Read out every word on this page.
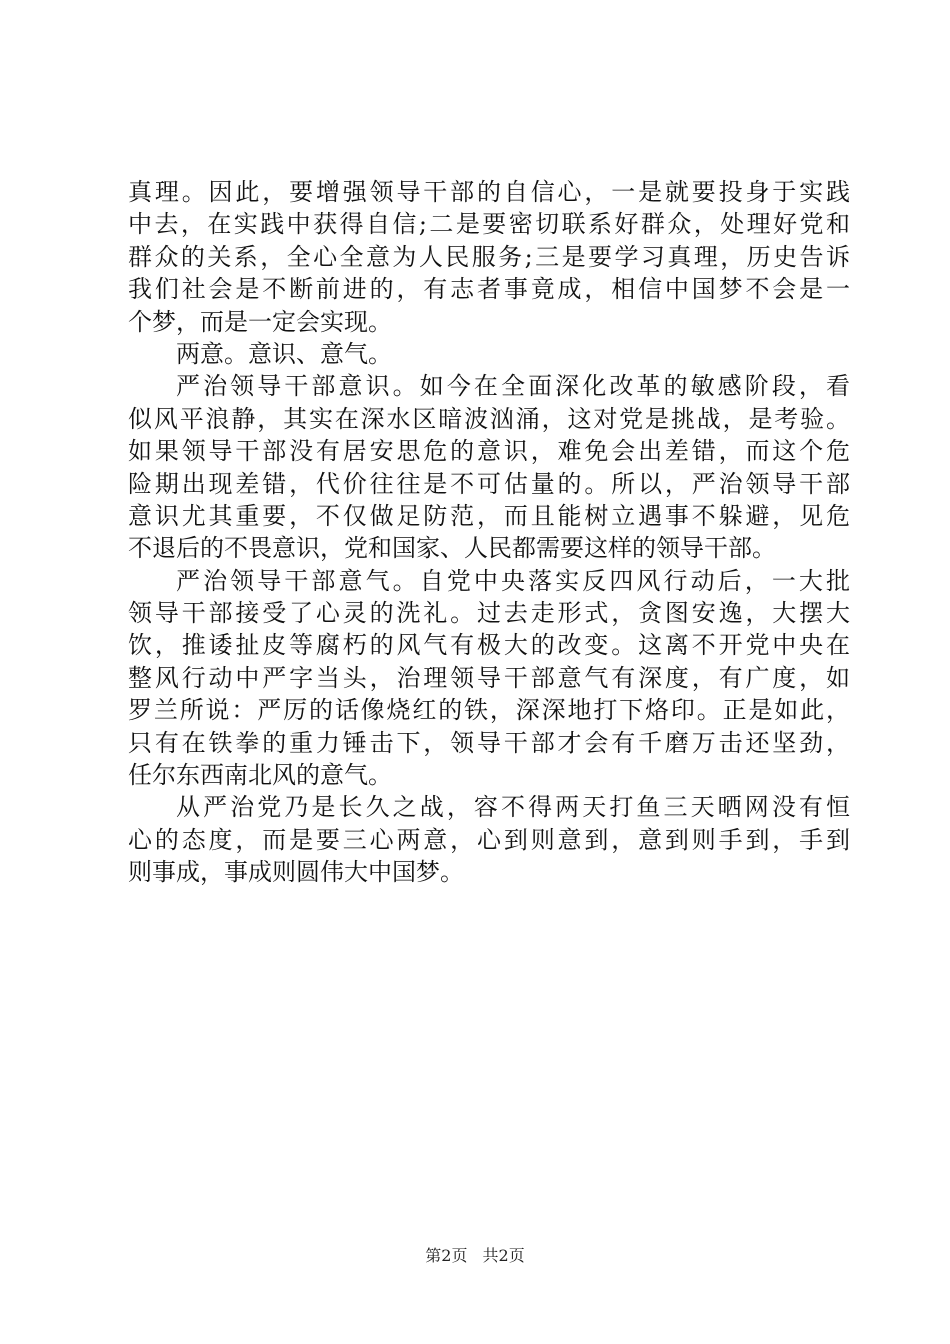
真理。因此，要增强领导干部的自信心，一是就要投身于实践
中去，在实践中获得自信;二是要密切联系好群众，处理好党和
群众的关系，全心全意为人民服务;三是要学习真理，历史告诉
我们社会是不断前进的，有志者事竟成，相信中国梦不会是一
个梦，而是一定会实现。
两意。意识、意气。
严治领导干部意识。如今在全面深化改革的敏感阶段，看
似风平浪静，其实在深水区暗波汹涌，这对党是挑战，是考验。
如果领导干部没有居安思危的意识，难免会出差错，而这个危
险期出现差错，代价往往是不可估量的。所以，严治领导干部
意识尤其重要，不仅做足防范，而且能树立遇事不躲避，见危
不退后的不畏意识，党和国家、人民都需要这样的领导干部。
严治领导干部意气。自党中央落实反四风行动后，一大批
领导干部接受了心灵的洗礼。过去走形式，贪图安逸，大摆大
饮，推诿扯皮等腐朽的风气有极大的改变。这离不开党中央在
整风行动中严字当头，治理领导干部意气有深度，有广度，如
罗兰所说：严厉的话像烧红的铁，深深地打下烙印。正是如此，
只有在铁拳的重力锤击下，领导干部才会有千磨万击还坚劲，
任尔东西南北风的意气。
从严治党乃是长久之战，容不得两天打鱼三天晒网没有恒
心的态度，而是要三心两意，心到则意到，意到则手到，手到
则事成，事成则圆伟大中国梦。
第2页 共2页
